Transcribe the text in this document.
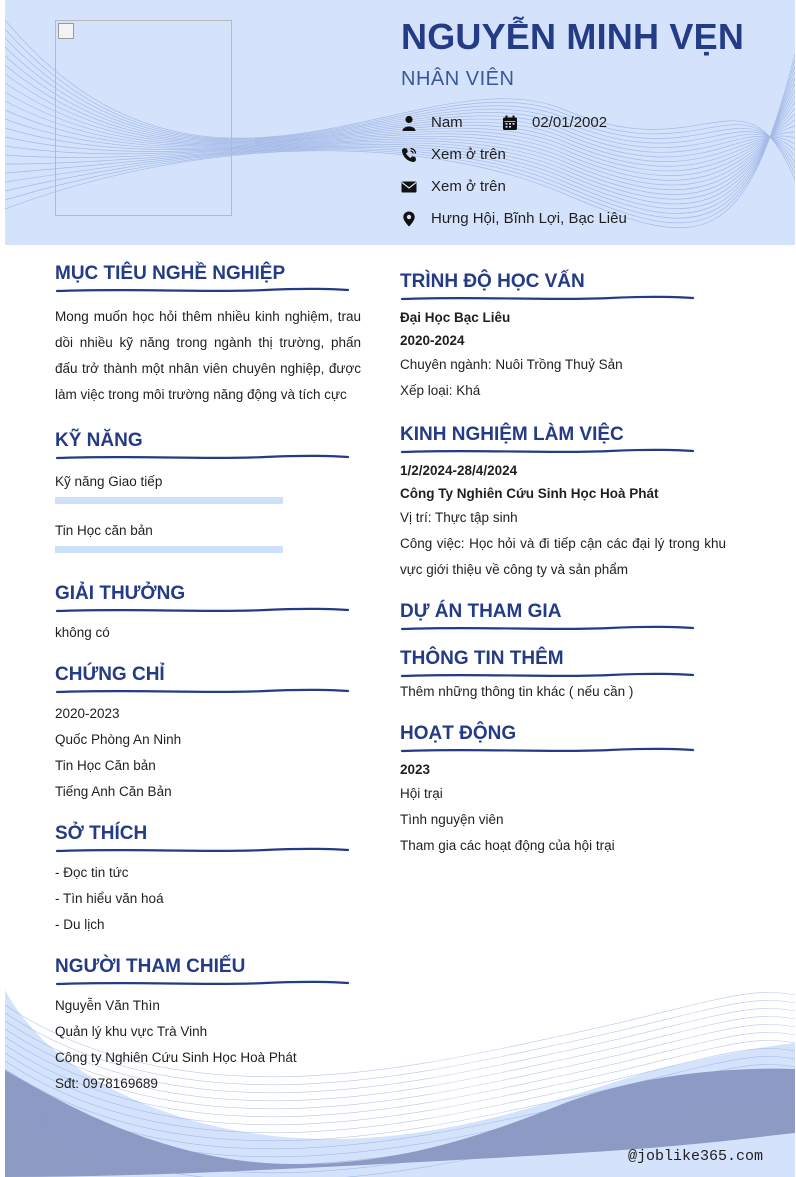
NGUYỄN MINH VẸN
NHÂN VIÊN
Nam	02/01/2002
Xem ở trên
Xem ở trên
Hưng Hội, Bĩnh Lợi, Bạc Liêu
MỤC TIÊU NGHỀ NGHIỆP
Mong muốn học hỏi thêm nhiều kinh nghiệm, trau dồi nhiều kỹ năng trong ngành thị trường, phấn đấu trở thành một nhân viên chuyên nghiệp, được làm việc trong môi trường năng động và tích cực
KỸ NĂNG
Kỹ năng Giao tiếp
Tin Học căn bản
GIẢI THƯỞNG
không có
CHỨNG CHỈ
2020-2023
Quốc Phòng An Ninh
Tin Học Căn bản
Tiếng Anh Căn Bản
SỞ THÍCH
- Đọc tin tức
- Tìn hiểu văn hoá
- Du lịch
NGƯỜI THAM CHIẾU
Nguyễn Văn Thìn
Quản lý khu vực Trà Vinh
Công ty Nghiên Cứu Sinh Học Hoà Phát
Sđt: 0978169689
TRÌNH ĐỘ HỌC VẤN
Đại Học Bạc Liêu
2020-2024
Chuyên ngành: Nuôi Trồng Thuỷ Sản
Xếp loại: Khá
KINH NGHIỆM LÀM VIỆC
1/2/2024-28/4/2024
Công Ty Nghiên Cứu Sinh Học Hoà Phát
Vị trí: Thực tập sinh
Công việc: Học hỏi và đi tiếp cận các đại lý trong khu vực giới thiệu về công ty và sản phẩm
DỰ ÁN THAM GIA
THÔNG TIN THÊM
Thêm những thông tin khác ( nếu cần )
HOẠT ĐỘNG
2023
Hội trại
Tình nguyện viên
Tham gia các hoạt động của hội trại
@joblike365.com
